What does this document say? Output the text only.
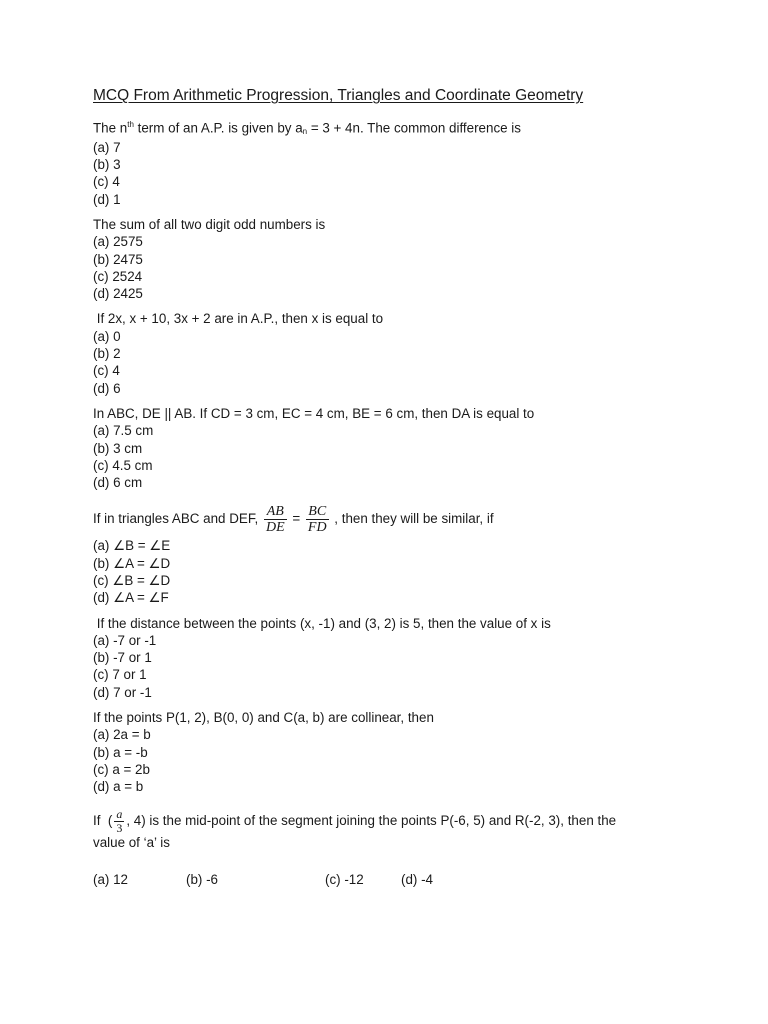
MCQ From Arithmetic Progression, Triangles and Coordinate Geometry
The $n^{th}$ term of an A.P. is given by an = 3 + 4n. The common difference is
(a) 7
(b) 3
(c) 4
(d) 1
The sum of all two digit odd numbers is
(a) 2575
(b) 2475
(c) 2524
(d) 2425
If 2x, x + 10, 3x + 2 are in A.P., then x is equal to
(a) 0
(b) 2
(c) 4
(d) 6
In ABC, DE || AB. If CD = 3 cm, EC = 4 cm, BE = 6 cm, then DA is equal to
(a) 7.5 cm
(b) 3 cm
(c) 4.5 cm
(d) 6 cm
If in triangles ABC and DEF, $\frac{AB}{DE} = \frac{BC}{FD}$ , then they will be similar, if
(a) ∠B = ∠E
(b) ∠A = ∠D
(c) ∠B = ∠D
(d) ∠A = ∠F
If the distance between the points (x, -1) and (3, 2) is 5, then the value of x is
(a) -7 or -1
(b) -7 or 1
(c) 7 or 1
(d) 7 or -1
If the points P(1, 2), B(0, 0) and C(a, b) are collinear, then
(a) 2a = b
(b) a = -b
(c) a = 2b
(d) a = b
If  ( $\frac{a}{3}$ , 4) is the mid-point of the segment joining the points P(-6, 5) and R(-2, 3), then the
value of ‘a’ is
(a) 12	(b) -6	(c) -12	(d) -4
